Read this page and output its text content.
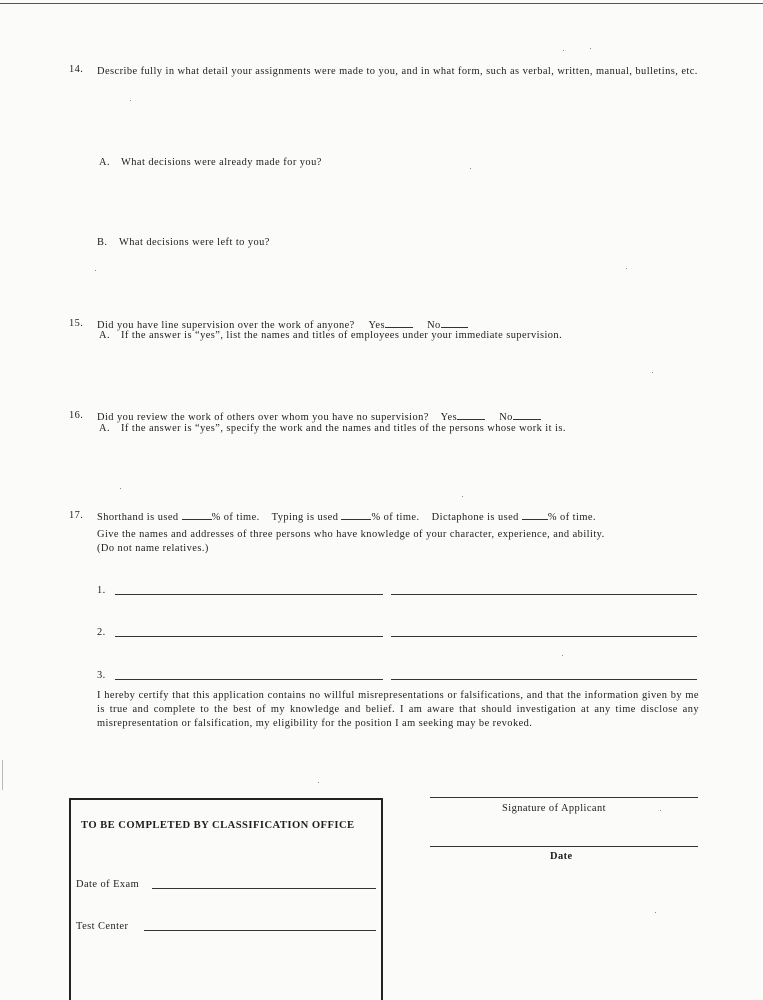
14. Describe fully in what detail your assignments were made to you, and in what form, such as verbal, written, manual, bulletins, etc.
A. What decisions were already made for you?
B. What decisions were left to you?
15. Did you have line supervision over the work of anyone? Yes	No
A. If the answer is “yes”, list the names and titles of employees under your immediate supervision.
16. Did you review the work of others over whom you have no supervision? Yes	No
A. If the answer is “yes”, specify the work and the names and titles of the persons whose work it is.
17. Shorthand is used	% of time. Typing is used	% of time. Dictaphone is used	% of time.
Give the names and addresses of three persons who have knowledge of your character, experience, and ability.
(Do not name relatives.)
1.
2.
3.
I hereby certify that this application contains no willful misrepresentations or falsifications, and that the information given by me is true and complete to the best of my knowledge and belief. I am aware that should investigation at any time disclose any misrepresentation or falsification, my eligibility for the position I am seeking may be revoked.
Signature of Applicant
Date
TO BE COMPLETED BY CLASSIFICATION OFFICE
Date of Exam
Test Center
